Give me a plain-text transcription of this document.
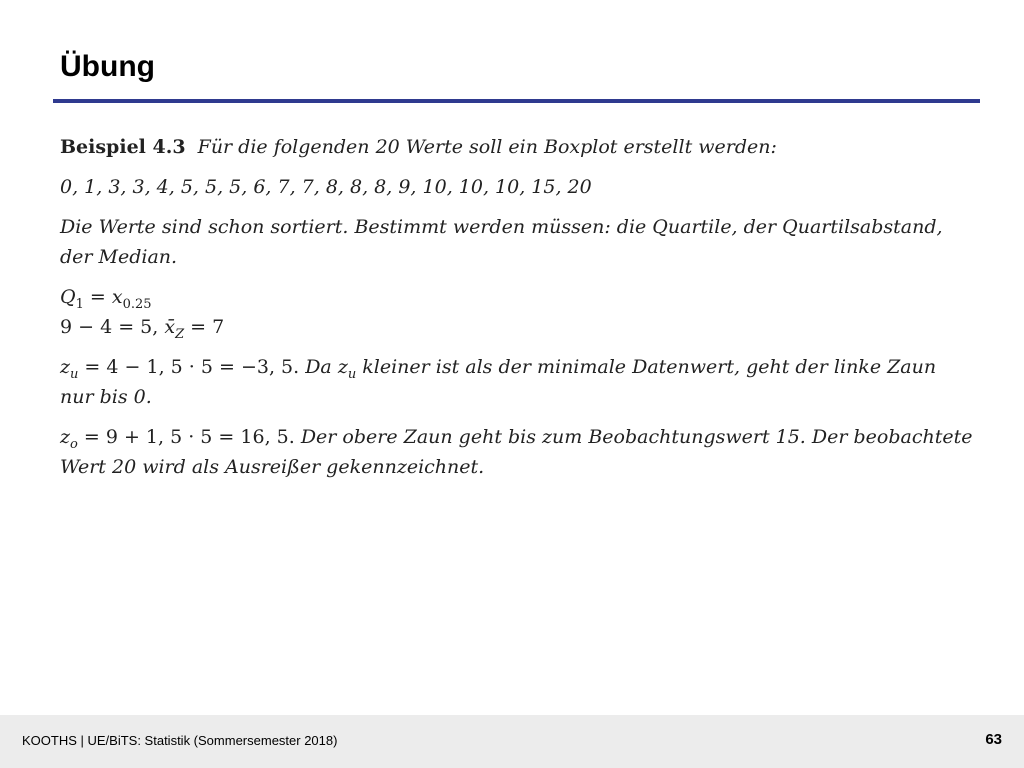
Übung
Beispiel 4.3 Für die folgenden 20 Werte soll ein Boxplot erstellt werden:
0, 1, 3, 3, 4, 5, 5, 5, 6, 7, 7, 8, 8, 8, 9, 10, 10, 10, 15, 20
Die Werte sind schon sortiert. Bestimmt werden müssen: die Quartile, der Quartilsabstand,
der Median.
$Q_1 = x_{0.25}$
9 − 4 = 5, $x̄_Z = 7$
$z_u = 4 - 1$, 5 · 5 = −3, 5. Da $z_u$ kleiner ist als der minimale Datenwert, geht der linke Zaun
nur bis 0.
$z_o = 9 + 1$, 5 · 5 = 16, 5. Der obere Zaun geht bis zum Beobachtungswert 15. Der beobachtete
Wert 20 wird als Ausreißer gekennzeichnet.
KOOTHS | UE/BiTS: Statistik (Sommersemester 2018)	63
